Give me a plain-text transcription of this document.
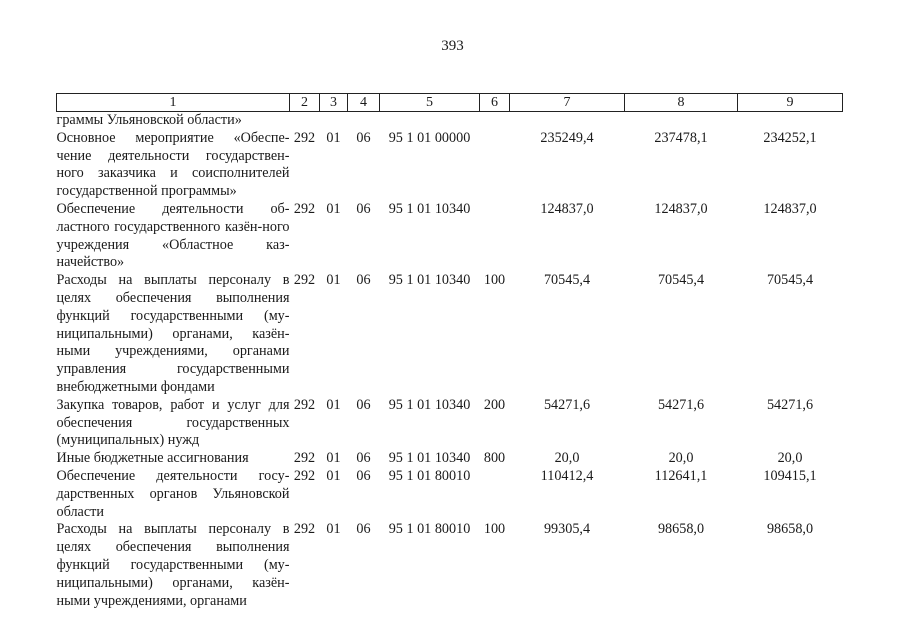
393
1	2	3	4	5	6	7	8	9
граммы Ульяновской области»								
Основное мероприятие «Обеспе-чение деятельности государствен-ного заказчика и соисполнителей государственной программы»	292	01	06	95 1 01 00000		235249,4	237478,1	234252,1
Обеспечение деятельности об-ластного государственного казён-ного учреждения «Областное каз-начейство»	292	01	06	95 1 01 10340		124837,0	124837,0	124837,0
Расходы на выплаты персоналу в целях обеспечения выполнения функций государственными (му-ниципальными) органами, казён-ными учреждениями, органами управления государственными внебюджетными фондами	292	01	06	95 1 01 10340	100	70545,4	70545,4	70545,4
Закупка товаров, работ и услуг для обеспечения государственных (муниципальных) нужд	292	01	06	95 1 01 10340	200	54271,6	54271,6	54271,6
Иные бюджетные ассигнования	292	01	06	95 1 01 10340	800	20,0	20,0	20,0
Обеспечение деятельности госу-дарственных органов Ульяновской области	292	01	06	95 1 01 80010		110412,4	112641,1	109415,1
Расходы на выплаты персоналу в целях обеспечения выполнения функций государственными (му-ниципальными) органами, казён-ными учреждениями, органами	292	01	06	95 1 01 80010	100	99305,4	98658,0	98658,0
